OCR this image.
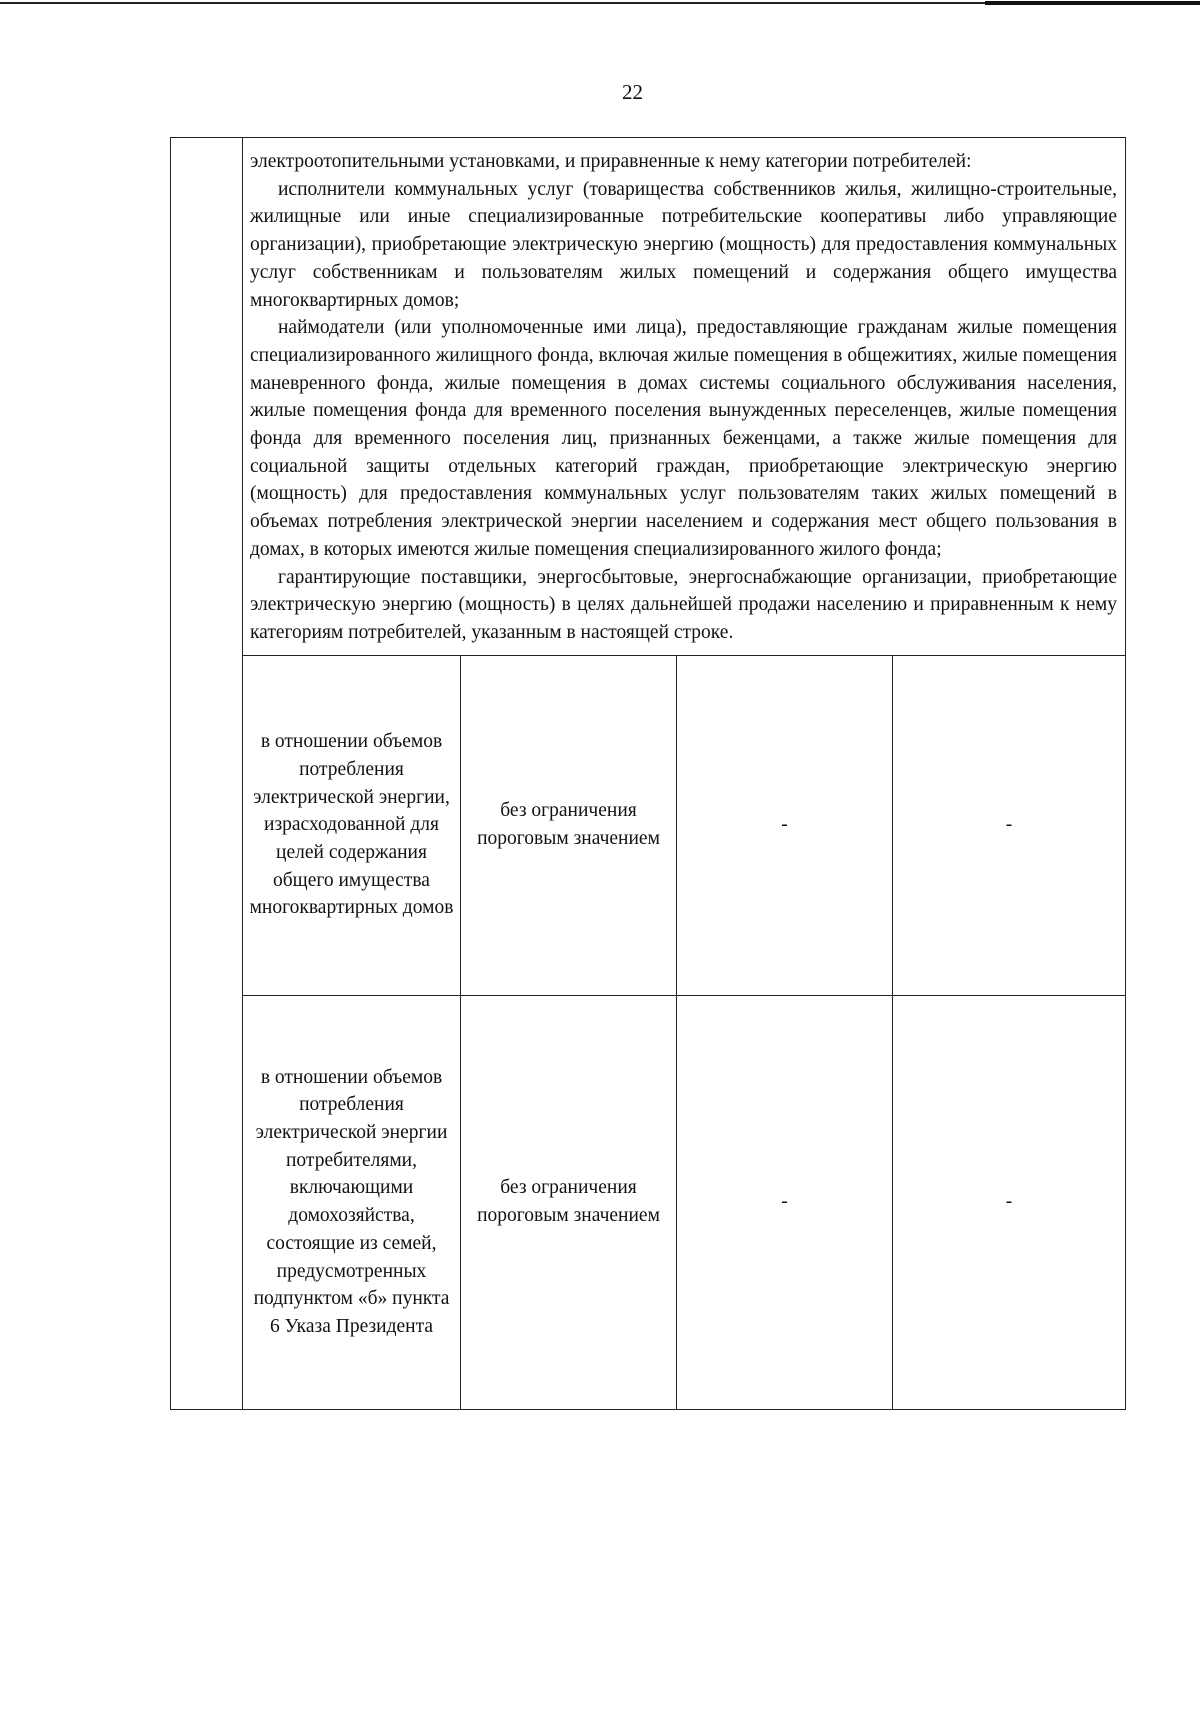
22

	электроотопительными установками, и приравненные к нему категории потребителей:

исполнители коммунальных услуг (товарищества собственников жилья, жилищно-строительные, жилищные или иные специализированные потребительские кооперативы либо управляющие организации), приобретающие электрическую энергию (мощность) для предоставления коммунальных услуг собственникам и пользователям жилых помещений и содержания общего имущества многоквартирных домов;

наймодатели (или уполномоченные ими лица), предоставляющие гражданам жилые помещения специализированного жилищного фонда, включая жилые помещения в общежитиях, жилые помещения маневренного фонда, жилые помещения в домах системы социального обслуживания населения, жилые помещения фонда для временного поселения вынужденных переселенцев, жилые помещения фонда для временного поселения лиц, признанных беженцами, а также жилые помещения для социальной защиты отдельных категорий граждан, приобретающие электрическую энергию (мощность) для предоставления коммунальных услуг пользователям таких жилых помещений в объемах потребления электрической энергии населением и содержания мест общего пользования в домах, в которых имеются жилые помещения специализированного жилого фонда;

гарантирующие поставщики, энергосбытовые, энергоснабжающие организации, приобретающие электрическую энергию (мощность) в целях дальнейшей продажи населению и приравненным к нему категориям потребителей, указанным в настоящей строке.			

	в отношении объемов потребления электрической энергии, израсходованной для целей содержания общего имущества многоквартирных домов	без ограничения пороговым значением	-	-
	в отношении объемов потребления электрической энергии потребителями, включающими домохозяйства, состоящие из семей, предусмотренных подпунктом «б» пункта 6 Указа Президента	без ограничения пороговым значением	-	-
